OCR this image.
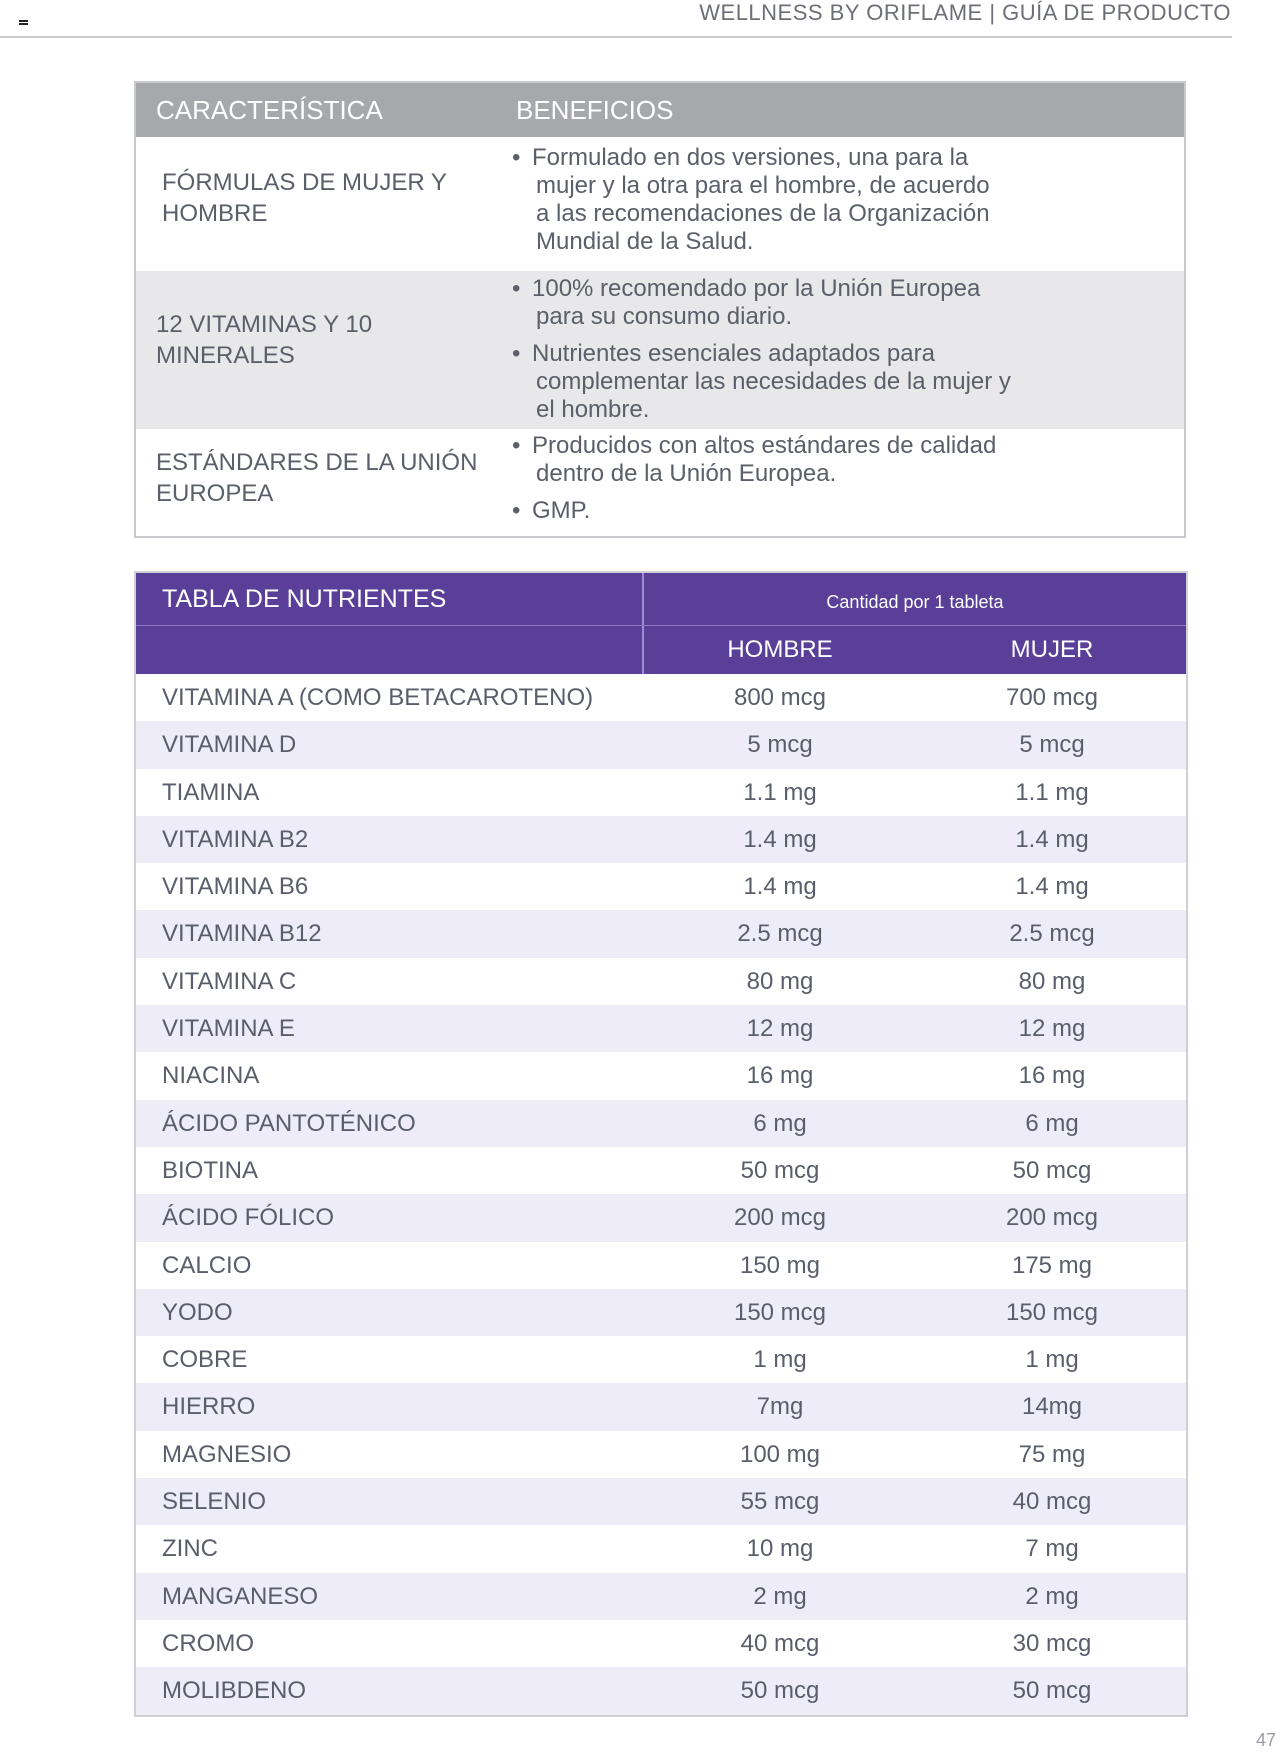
WELLNESS BY ORIFLAME | GUÍA DE PRODUCTO
CARACTERÍSTICA	BENEFICIOS
FÓRMULAS DE MUJER Y
HOMBRE
• Formulado en dos versiones, una para la
mujer y la otra para el hombre, de acuerdo
a las recomendaciones de la Organización
Mundial de la Salud.
12 VITAMINAS Y 10
MINERALES
• 100% recomendado por la Unión Europea
para su consumo diario.
• Nutrientes esenciales adaptados para
complementar las necesidades de la mujer y
el hombre.
ESTÁNDARES DE LA UNIÓN
EUROPEA
• Producidos con altos estándares de calidad
dentro de la Unión Europea.
• GMP.
TABLA DE NUTRIENTES	Cantidad por 1 tableta
HOMBRE	MUJER
VITAMINA A (COMO BETACAROTENO)	800 mcg	700 mcg
VITAMINA D	5 mcg	5 mcg
TIAMINA	1.1 mg	1.1 mg
VITAMINA B2	1.4 mg	1.4 mg
VITAMINA B6	1.4 mg	1.4 mg
VITAMINA B12	2.5 mcg	2.5 mcg
VITAMINA C	80 mg	80 mg
VITAMINA E	12 mg	12 mg
NIACINA	16 mg	16 mg
ÁCIDO PANTOTÉNICO	6 mg	6 mg
BIOTINA	50 mcg	50 mcg
ÁCIDO FÓLICO	200 mcg	200 mcg
CALCIO	150 mg	175 mg
YODO	150 mcg	150 mcg
COBRE	1 mg	1 mg
HIERRO	7mg	14mg
MAGNESIO	100 mg	75 mg
SELENIO	55 mcg	40 mcg
ZINC	10 mg	7 mg
MANGANESO	2 mg	2 mg
CROMO	40 mcg	30 mcg
MOLIBDENO	50 mcg	50 mcg
47
